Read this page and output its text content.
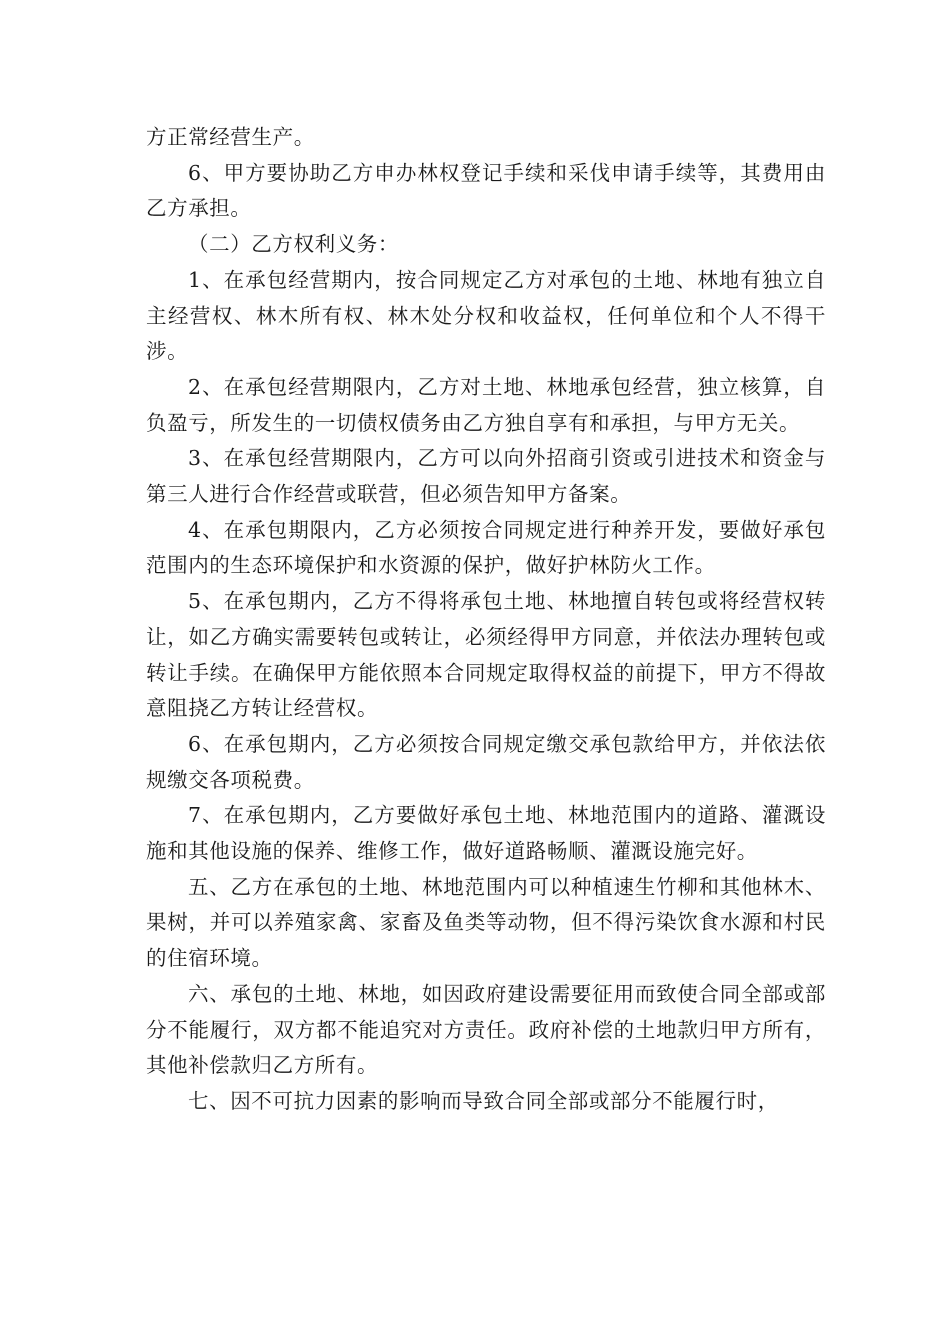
方正常经营生产。

6、甲方要协助乙方申办林权登记手续和采伐申请手续等，其费用由乙方承担。

（二）乙方权利义务：

1、在承包经营期内，按合同规定乙方对承包的土地、林地有独立自主经营权、林木所有权、林木处分权和收益权，任何单位和个人不得干涉。

2、在承包经营期限内，乙方对土地、林地承包经营，独立核算，自负盈亏，所发生的一切债权债务由乙方独自享有和承担，与甲方无关。

3、在承包经营期限内，乙方可以向外招商引资或引进技术和资金与第三人进行合作经营或联营，但必须告知甲方备案。

4、在承包期限内，乙方必须按合同规定进行种养开发，要做好承包范围内的生态环境保护和水资源的保护，做好护林防火工作。

5、在承包期内，乙方不得将承包土地、林地擅自转包或将经营权转让，如乙方确实需要转包或转让，必须经得甲方同意，并依法办理转包或转让手续。在确保甲方能依照本合同规定取得权益的前提下，甲方不得故意阻挠乙方转让经营权。

6、在承包期内，乙方必须按合同规定缴交承包款给甲方，并依法依规缴交各项税费。

7、在承包期内，乙方要做好承包土地、林地范围内的道路、灌溉设施和其他设施的保养、维修工作，做好道路畅顺、灌溉设施完好。

五、乙方在承包的土地、林地范围内可以种植速生竹柳和其他林木、果树，并可以养殖家禽、家畜及鱼类等动物，但不得污染饮食水源和村民的住宿环境。

六、承包的土地、林地，如因政府建设需要征用而致使合同全部或部分不能履行，双方都不能追究对方责任。政府补偿的土地款归甲方所有，其他补偿款归乙方所有。

七、因不可抗力因素的影响而导致合同全部或部分不能履行时，
